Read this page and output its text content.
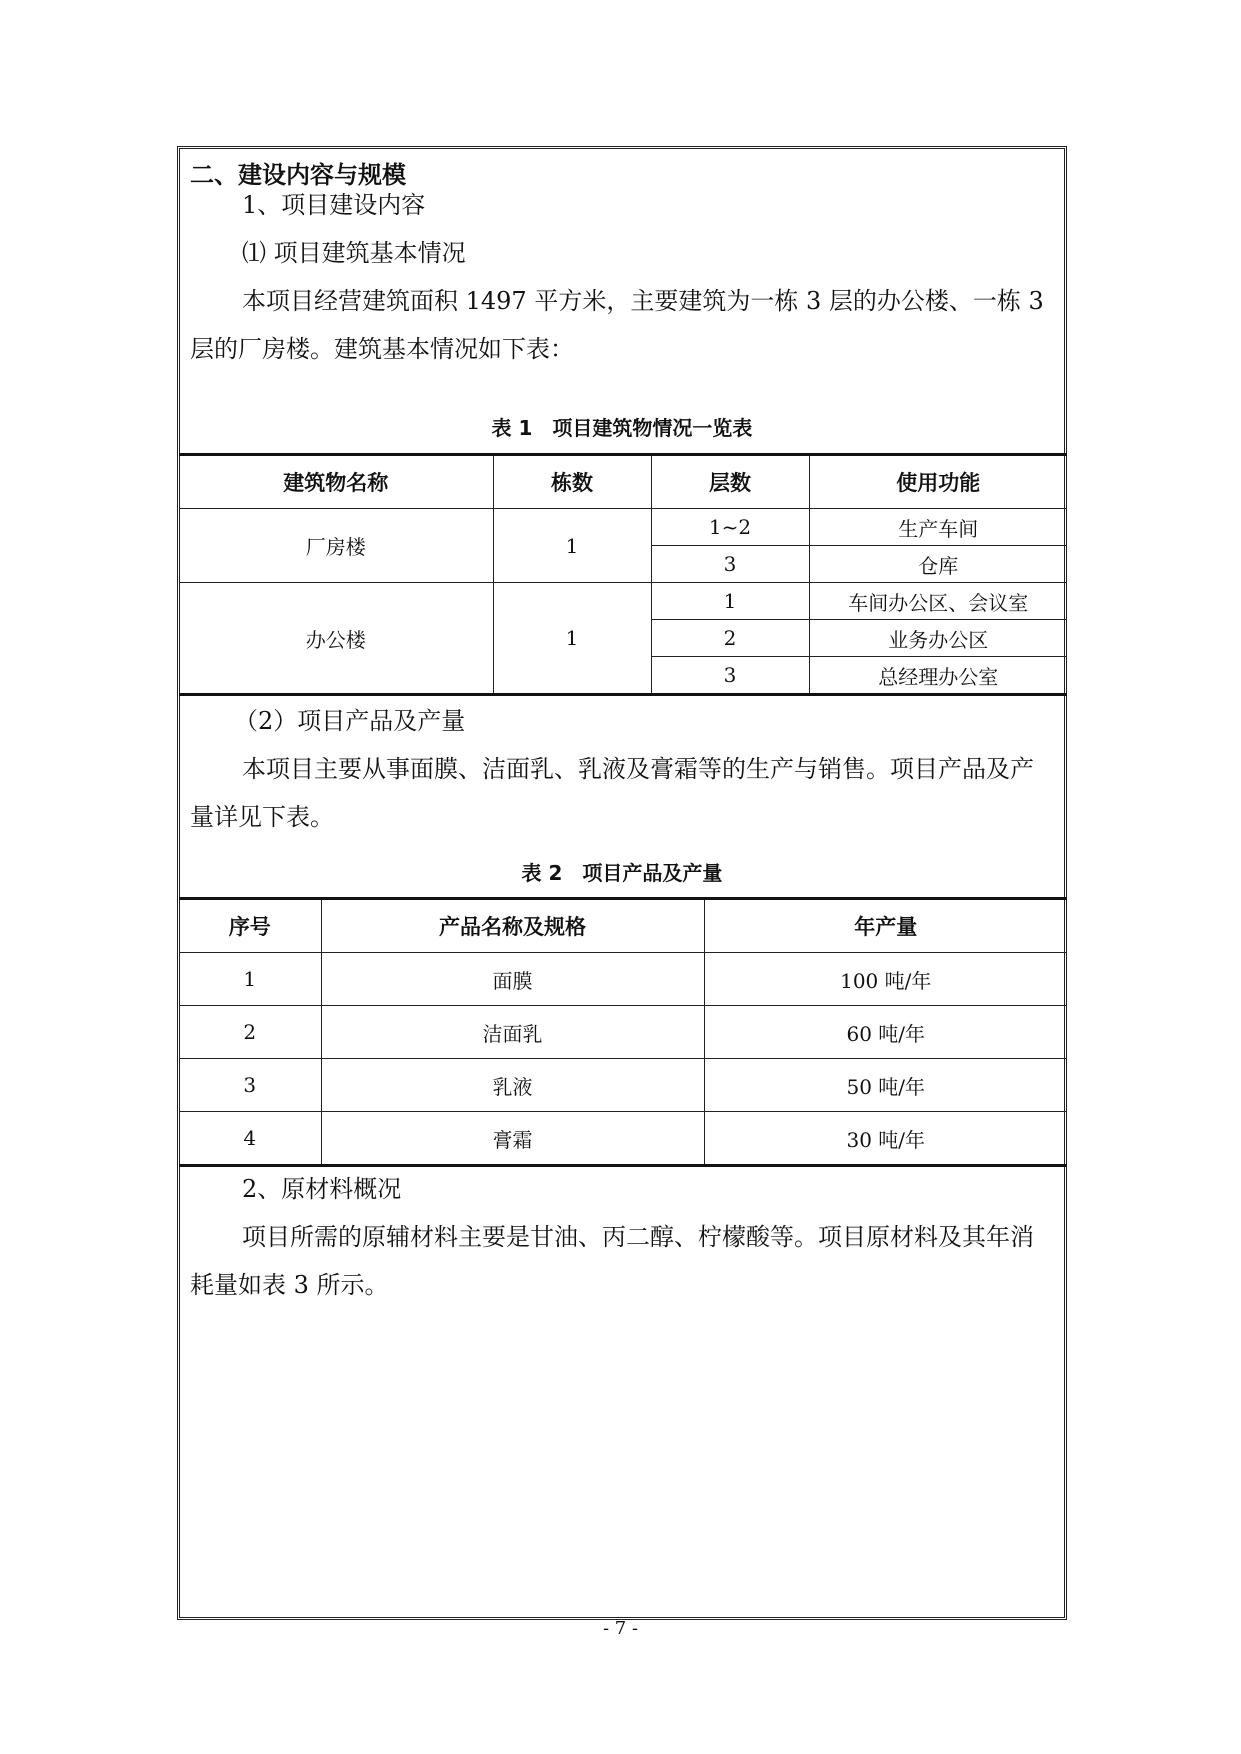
二、建设内容与规模
1、项目建设内容
⑴ 项目建筑基本情况
本项目经营建筑面积 1497 平方米，主要建筑为一栋 3 层的办公楼、一栋 3
层的厂房楼。建筑基本情况如下表：
表 1　项目建筑物情况一览表
建筑物名称	栋数	层数	使用功能
厂房楼	1	1~2	生产车间
		3	仓库
办公楼	1	1	车间办公区、会议室
		2	业务办公区
		3	总经理办公室
（2）项目产品及产量
本项目主要从事面膜、洁面乳、乳液及膏霜等的生产与销售。项目产品及产
量详见下表。
表 2　项目产品及产量
序号	产品名称及规格	年产量
1	面膜	100 吨/年
2	洁面乳	60 吨/年
3	乳液	50 吨/年
4	膏霜	30 吨/年
2、原材料概况
项目所需的原辅材料主要是甘油、丙二醇、柠檬酸等。项目原材料及其年消
耗量如表 3 所示。
- 7 -
